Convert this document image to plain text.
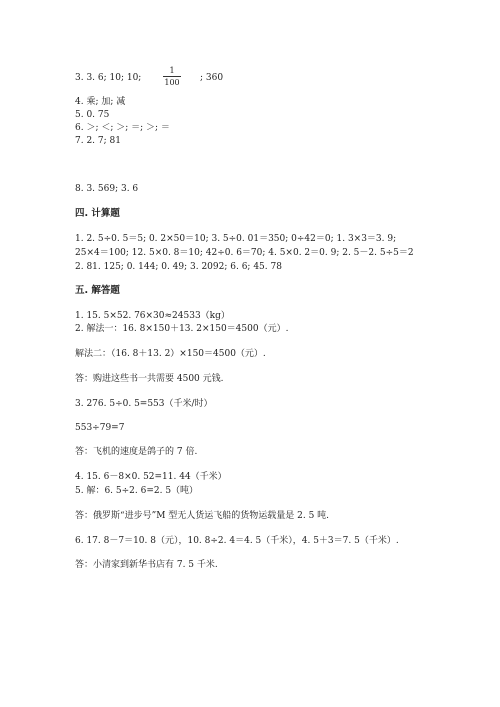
3. 3. 6; 10; 10;
1
100 ; 360
4. 乘; 加; 减
5. 0. 75
6. ＞; ＜; ＞; ＝; ＞; ＝
7. 2. 7; 81
8. 3. 569; 3. 6
四. 计算题
1. 2. 5÷0. 5＝5; 0. 2×50＝10; 3. 5÷0. 01＝350; 0÷42＝0; 1. 3×3＝3. 9;
25×4＝100; 12. 5×0. 8＝10; 42÷0. 6＝70; 4. 5×0. 2＝0. 9; 2. 5－2. 5÷5＝2
2. 81. 125; 0. 144; 0. 49; 3. 2092; 6. 6; 45. 78
五. 解答题
1. 15. 5×52. 76×30≈24533（kg）
2. 解法一：16. 8×150＋13. 2×150＝4500（元）.
解法二：（16. 8＋13. 2）×150＝4500（元）.
答：购进这些书一共需要 4500 元钱.
3. 276. 5÷0. 5=553（千米/时）
553÷79=7
答：飞机的速度是鸽子的 7 倍.
4. 15. 6－8×0. 52=11. 44（千米）
5. 解：6. 5÷2. 6=2. 5（吨）
答：俄罗斯“进步号”M 型无人货运飞船的货物运载量是 2. 5 吨.
6. 17. 8－7＝10. 8（元），10. 8÷2. 4＝4. 5（千米），4. 5＋3＝7. 5（千米）.
答：小清家到新华书店有 7. 5 千米.
